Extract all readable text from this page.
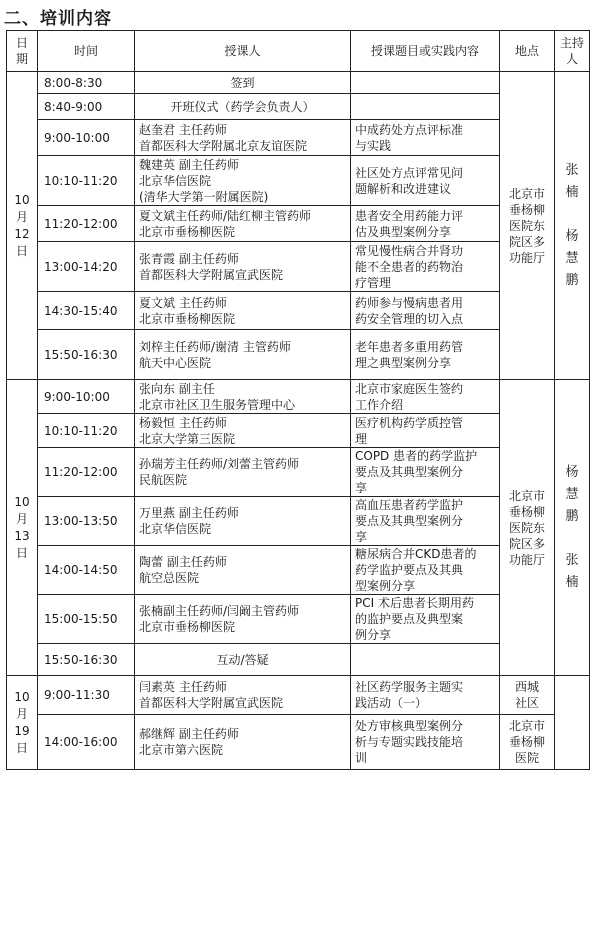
二、培训内容
日
期	时间	授课人	授课题目或实践内容	地点	主持
人

10
月
12
日	8:00-8:30	签到		北京市
垂杨柳
医院东
院区多
功能厅	张
楠
杨
慧
鹏

	8:40-9:00	开班仪式（药学会负责人）			

	9:00-10:00	赵奎君 主任药师
首都医科大学附属北京友谊医院	中成药处方点评标准
与实践		

	10:10-11:20	魏建英 副主任药师
北京华信医院
(清华大学第一附属医院)	社区处方点评常见问
题解析和改进建议		

	11:20-12:00	夏文斌主任药师/陆红柳主管药师
北京市垂杨柳医院	患者安全用药能力评
估及典型案例分享		

	13:00-14:20	张青霞 副主任药师
首都医科大学附属宣武医院	常见慢性病合并肾功
能不全患者的药物治
疗管理		

	14:30-15:40	夏文斌 主任药师
北京市垂杨柳医院	药师参与慢病患者用
药安全管理的切入点		

	15:50-16:30	刘梓主任药师/谢清 主管药师
航天中心医院	老年患者多重用药管
理之典型案例分享		

10
月
13
日	9:00-10:00	张向东 副主任
北京市社区卫生服务管理中心	北京市家庭医生签约
工作介绍	北京市
垂杨柳
医院东
院区多
功能厅	杨
慧
鹏
张
楠

	10:10-11:20	杨毅恒 主任药师
北京大学第三医院	医疗机构药学质控管
理		

	11:20-12:00	孙瑞芳主任药师/刘蕾主管药师
民航医院	COPD 患者的药学监护
要点及其典型案例分
享		

	13:00-13:50	万里燕 副主任药师
北京华信医院	高血压患者药学监护
要点及其典型案例分
享		

	14:00-14:50	陶蕾 副主任药师
航空总医院	糖尿病合并CKD患者的
药学监护要点及其典
型案例分享		

	15:00-15:50	张楠副主任药师/闫阚主管药师
北京市垂杨柳医院	PCI 术后患者长期用药
的监护要点及典型案
例分享		

	15:50-16:30	互动/答疑			

10
月
19
日	9:00-11:30	闫素英 主任药师
首都医科大学附属宣武医院	社区药学服务主题实
践活动（一）	西城
社区	

	14:00-16:00	郝继辉 副主任药师
北京市第六医院	处方审核典型案例分
析与专题实践技能培
训	北京市
垂杨柳
医院	
